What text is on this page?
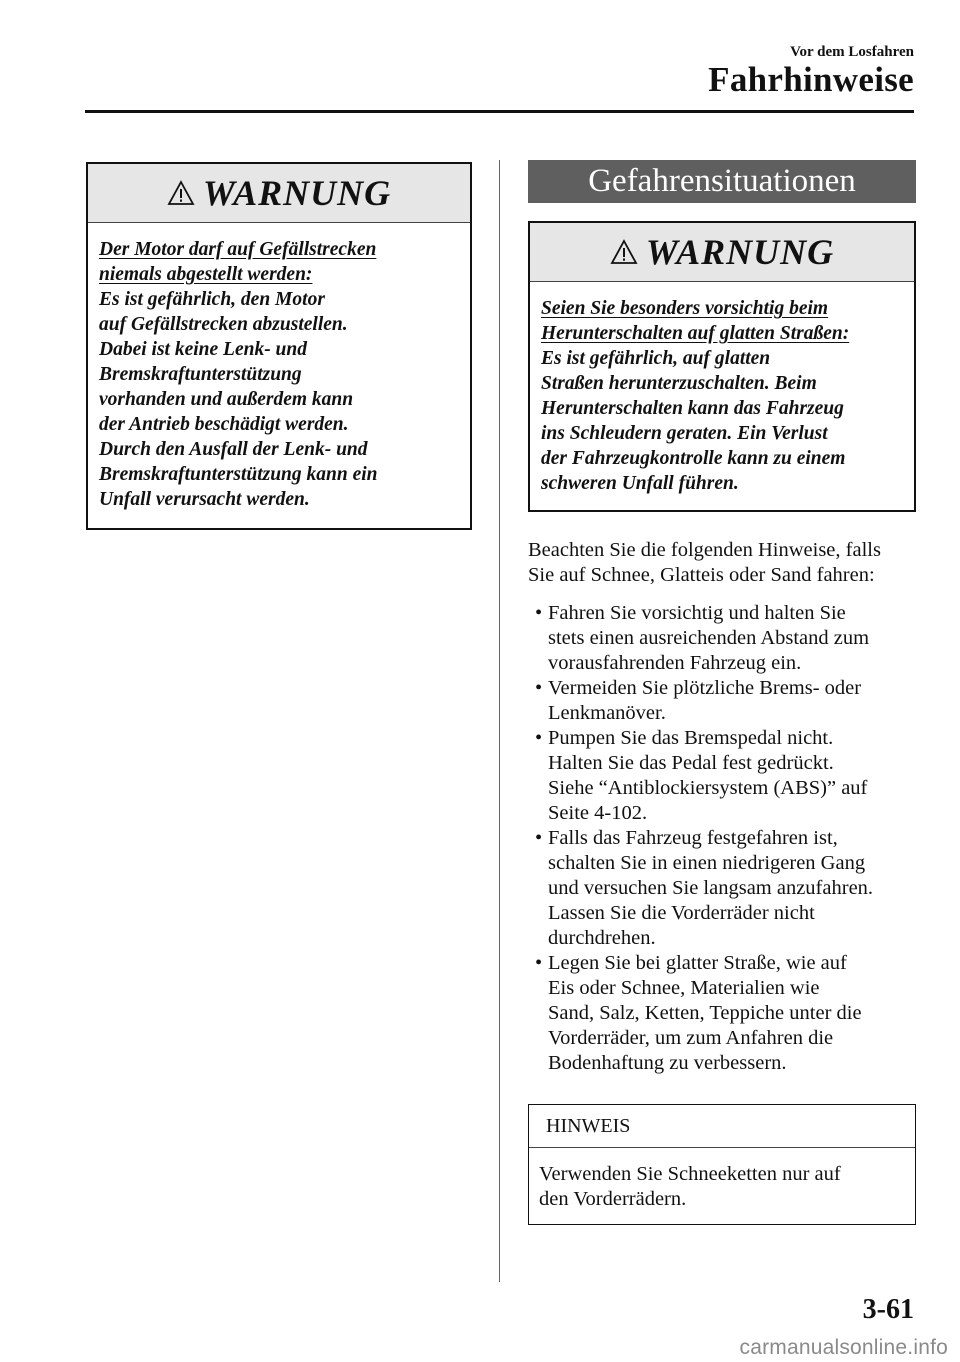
Vor dem Losfahren
Fahrhinweise
WARNUNG
Der Motor darf auf Gefällstrecken
niemals abgestellt werden:
Es ist gefährlich, den Motor
auf Gefällstrecken abzustellen.
Dabei ist keine Lenk- und
Bremskraftunterstützung
vorhanden und außerdem kann
der Antrieb beschädigt werden.
Durch den Ausfall der Lenk- und
Bremskraftunterstützung kann ein
Unfall verursacht werden.
Gefahrensituationen
WARNUNG
Seien Sie besonders vorsichtig beim
Herunterschalten auf glatten Straßen:
Es ist gefährlich, auf glatten
Straßen herunterzuschalten. Beim
Herunterschalten kann das Fahrzeug
ins Schleudern geraten. Ein Verlust
der Fahrzeugkontrolle kann zu einem
schweren Unfall führen.
Beachten Sie die folgenden Hinweise, falls
Sie auf Schnee, Glatteis oder Sand fahren:
• Fahren Sie vorsichtig und halten Sie
stets einen ausreichenden Abstand zum
vorausfahrenden Fahrzeug ein.
• Vermeiden Sie plötzliche Brems- oder
Lenkmanöver.
• Pumpen Sie das Bremspedal nicht.
Halten Sie das Pedal fest gedrückt.
Siehe “Antiblockiersystem (ABS)” auf
Seite 4-102.
• Falls das Fahrzeug festgefahren ist,
schalten Sie in einen niedrigeren Gang
und versuchen Sie langsam anzufahren.
Lassen Sie die Vorderräder nicht
durchdrehen.
• Legen Sie bei glatter Straße, wie auf
Eis oder Schnee, Materialien wie
Sand, Salz, Ketten, Teppiche unter die
Vorderräder, um zum Anfahren die
Bodenhaftung zu verbessern.
HINWEIS
Verwenden Sie Schneeketten nur auf
den Vorderrädern.
3-61
carmanualsonline.info
